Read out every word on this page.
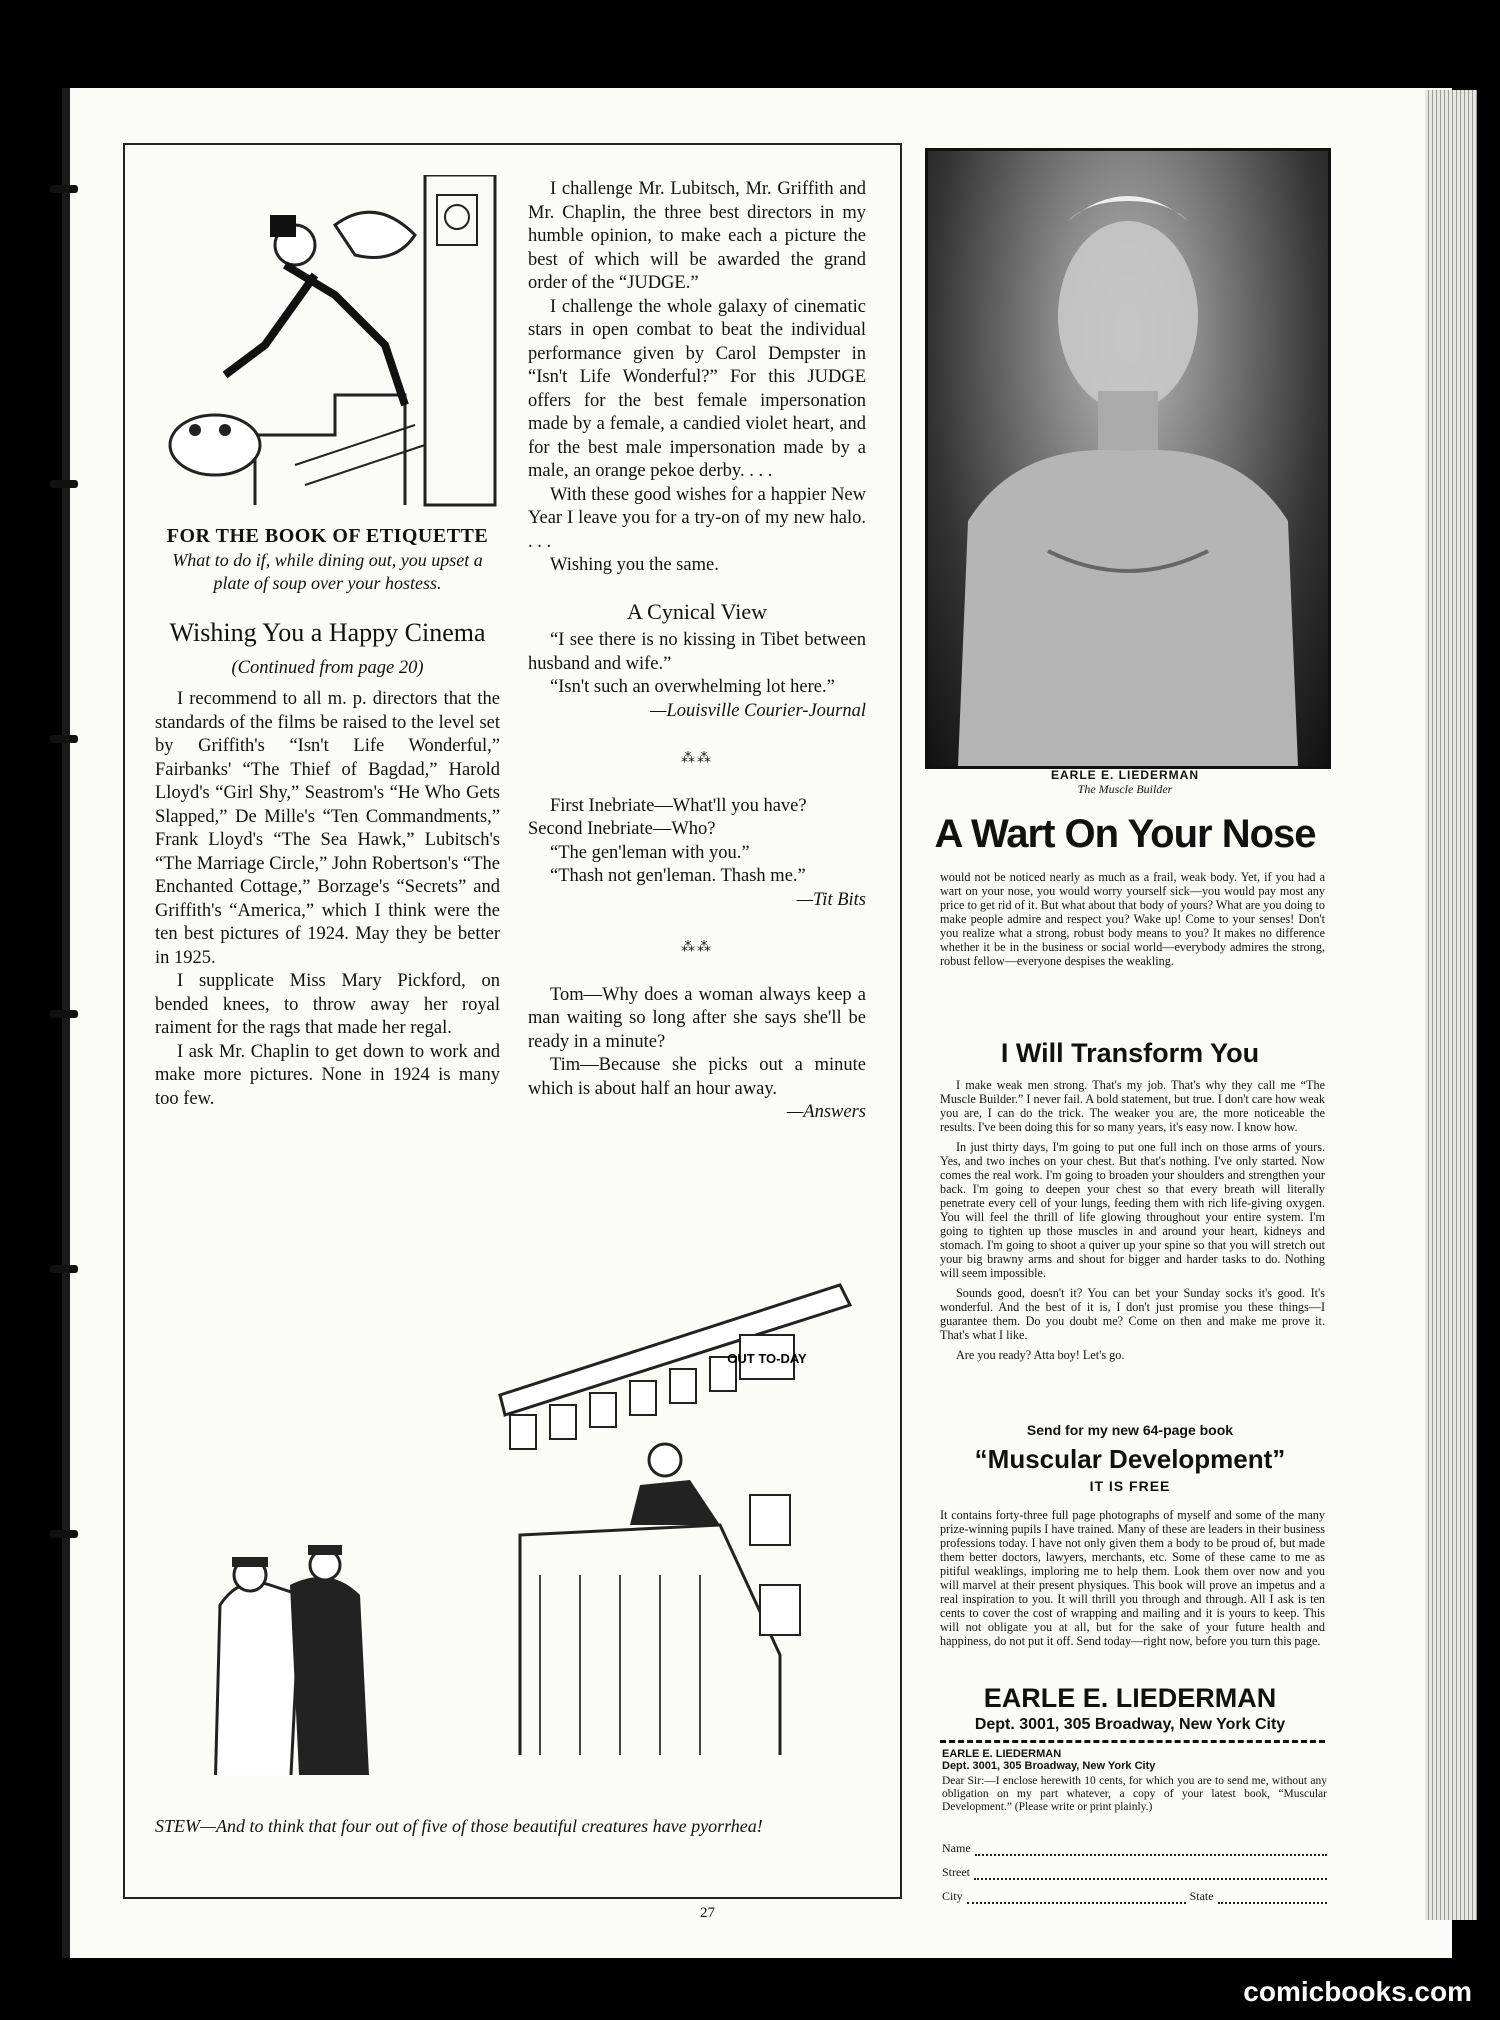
FOR THE BOOK OF ETIQUETTE
What to do if, while dining out, you upset a plate of soup over your hostess.
Wishing You a Happy Cinema
(Continued from page 20)

I recommend to all m. p. directors that the standards of the films be raised to the level set by Griffith's “Isn't Life Wonderful,” Fairbanks' “The Thief of Bagdad,” Harold Lloyd's “Girl Shy,” Seastrom's “He Who Gets Slapped,” De Mille's “Ten Commandments,” Frank Lloyd's “The Sea Hawk,” Lubitsch's “The Marriage Circle,” John Robertson's “The Enchanted Cottage,” Borzage's “Secrets” and Griffith's “America,” which I think were the ten best pictures of 1924. May they be better in 1925.

I supplicate Miss Mary Pickford, on bended knees, to throw away her royal raiment for the rags that made her regal.

I ask Mr. Chaplin to get down to work and make more pictures. None in 1924 is many too few.

I challenge Mr. Lubitsch, Mr. Griffith and Mr. Chaplin, the three best directors in my humble opinion, to make each a picture the best of which will be awarded the grand order of the “JUDGE.”

I challenge the whole galaxy of cinematic stars in open combat to beat the individual performance given by Carol Dempster in “Isn't Life Wonderful?” For this JUDGE offers for the best female impersonation made by a female, a candied violet heart, and for the best male impersonation made by a male, an orange pekoe derby. . . .

With these good wishes for a happier New Year I leave you for a try-on of my new halo. . . .

Wishing you the same.

A Cynical View

“I see there is no kissing in Tibet between husband and wife.”

“Isn't such an overwhelming lot here.”

—Louisville Courier-Journal
⁂⁂

First Inebriate—What'll you have?

Second Inebriate—Who?

“The gen'leman with you.”

“Thash not gen'leman. Thash me.”

—Tit Bits
⁂⁂

Tom—Why does a woman always keep a man waiting so long after she says she'll be ready in a minute?

Tim—Because she picks out a minute which is about half an hour away.

—Answers
OUT TO-DAY
STEW—And to think that four out of five of those beautiful creatures have pyorrhea!
EARLE E. LIEDERMAN
The Muscle Builder
A Wart On Your Nose
would not be noticed nearly as much as a frail, weak body. Yet, if you had a wart on your nose, you would worry yourself sick—you would pay most any price to get rid of it. But what about that body of yours? What are you doing to make people admire and respect you? Wake up! Come to your senses! Don't you realize what a strong, robust body means to you? It makes no difference whether it be in the business or social world—everybody admires the strong, robust fellow—everyone despises the weakling.
I Will Transform You

I make weak men strong. That's my job. That's why they call me “The Muscle Builder.” I never fail. A bold statement, but true. I don't care how weak you are, I can do the trick. The weaker you are, the more noticeable the results. I've been doing this for so many years, it's easy now. I know how.

In just thirty days, I'm going to put one full inch on those arms of yours. Yes, and two inches on your chest. But that's nothing. I've only started. Now comes the real work. I'm going to broaden your shoulders and strengthen your back. I'm going to deepen your chest so that every breath will literally penetrate every cell of your lungs, feeding them with rich life-giving oxygen. You will feel the thrill of life glowing throughout your entire system. I'm going to tighten up those muscles in and around your heart, kidneys and stomach. I'm going to shoot a quiver up your spine so that you will stretch out your big brawny arms and shout for bigger and harder tasks to do. Nothing will seem impossible.

Sounds good, doesn't it? You can bet your Sunday socks it's good. It's wonderful. And the best of it is, I don't just promise you these things—I guarantee them. Do you doubt me? Come on then and make me prove it. That's what I like.

Are you ready? Atta boy! Let's go.

Send for my new 64-page book
“Muscular Development”
IT IS FREE
It contains forty-three full page photographs of myself and some of the many prize-winning pupils I have trained. Many of these are leaders in their business professions today. I have not only given them a body to be proud of, but made them better doctors, lawyers, merchants, etc. Some of these came to me as pitiful weaklings, imploring me to help them. Look them over now and you will marvel at their present physiques. This book will prove an impetus and a real inspiration to you. It will thrill you through and through. All I ask is ten cents to cover the cost of wrapping and mailing and it is yours to keep. This will not obligate you at all, but for the sake of your future health and happiness, do not put it off. Send today—right now, before you turn this page.
EARLE E. LIEDERMAN
Dept. 3001, 305 Broadway, New York City
EARLE E. LIEDERMAN
Dept. 3001, 305 Broadway, New York City
Dear Sir:—I enclose herewith 10 cents, for which you are to send me, without any obligation on my part whatever, a copy of your latest book, “Muscular Development.” (Please write or print plainly.)
Name
Street
City	State
27
comicbooks.com
